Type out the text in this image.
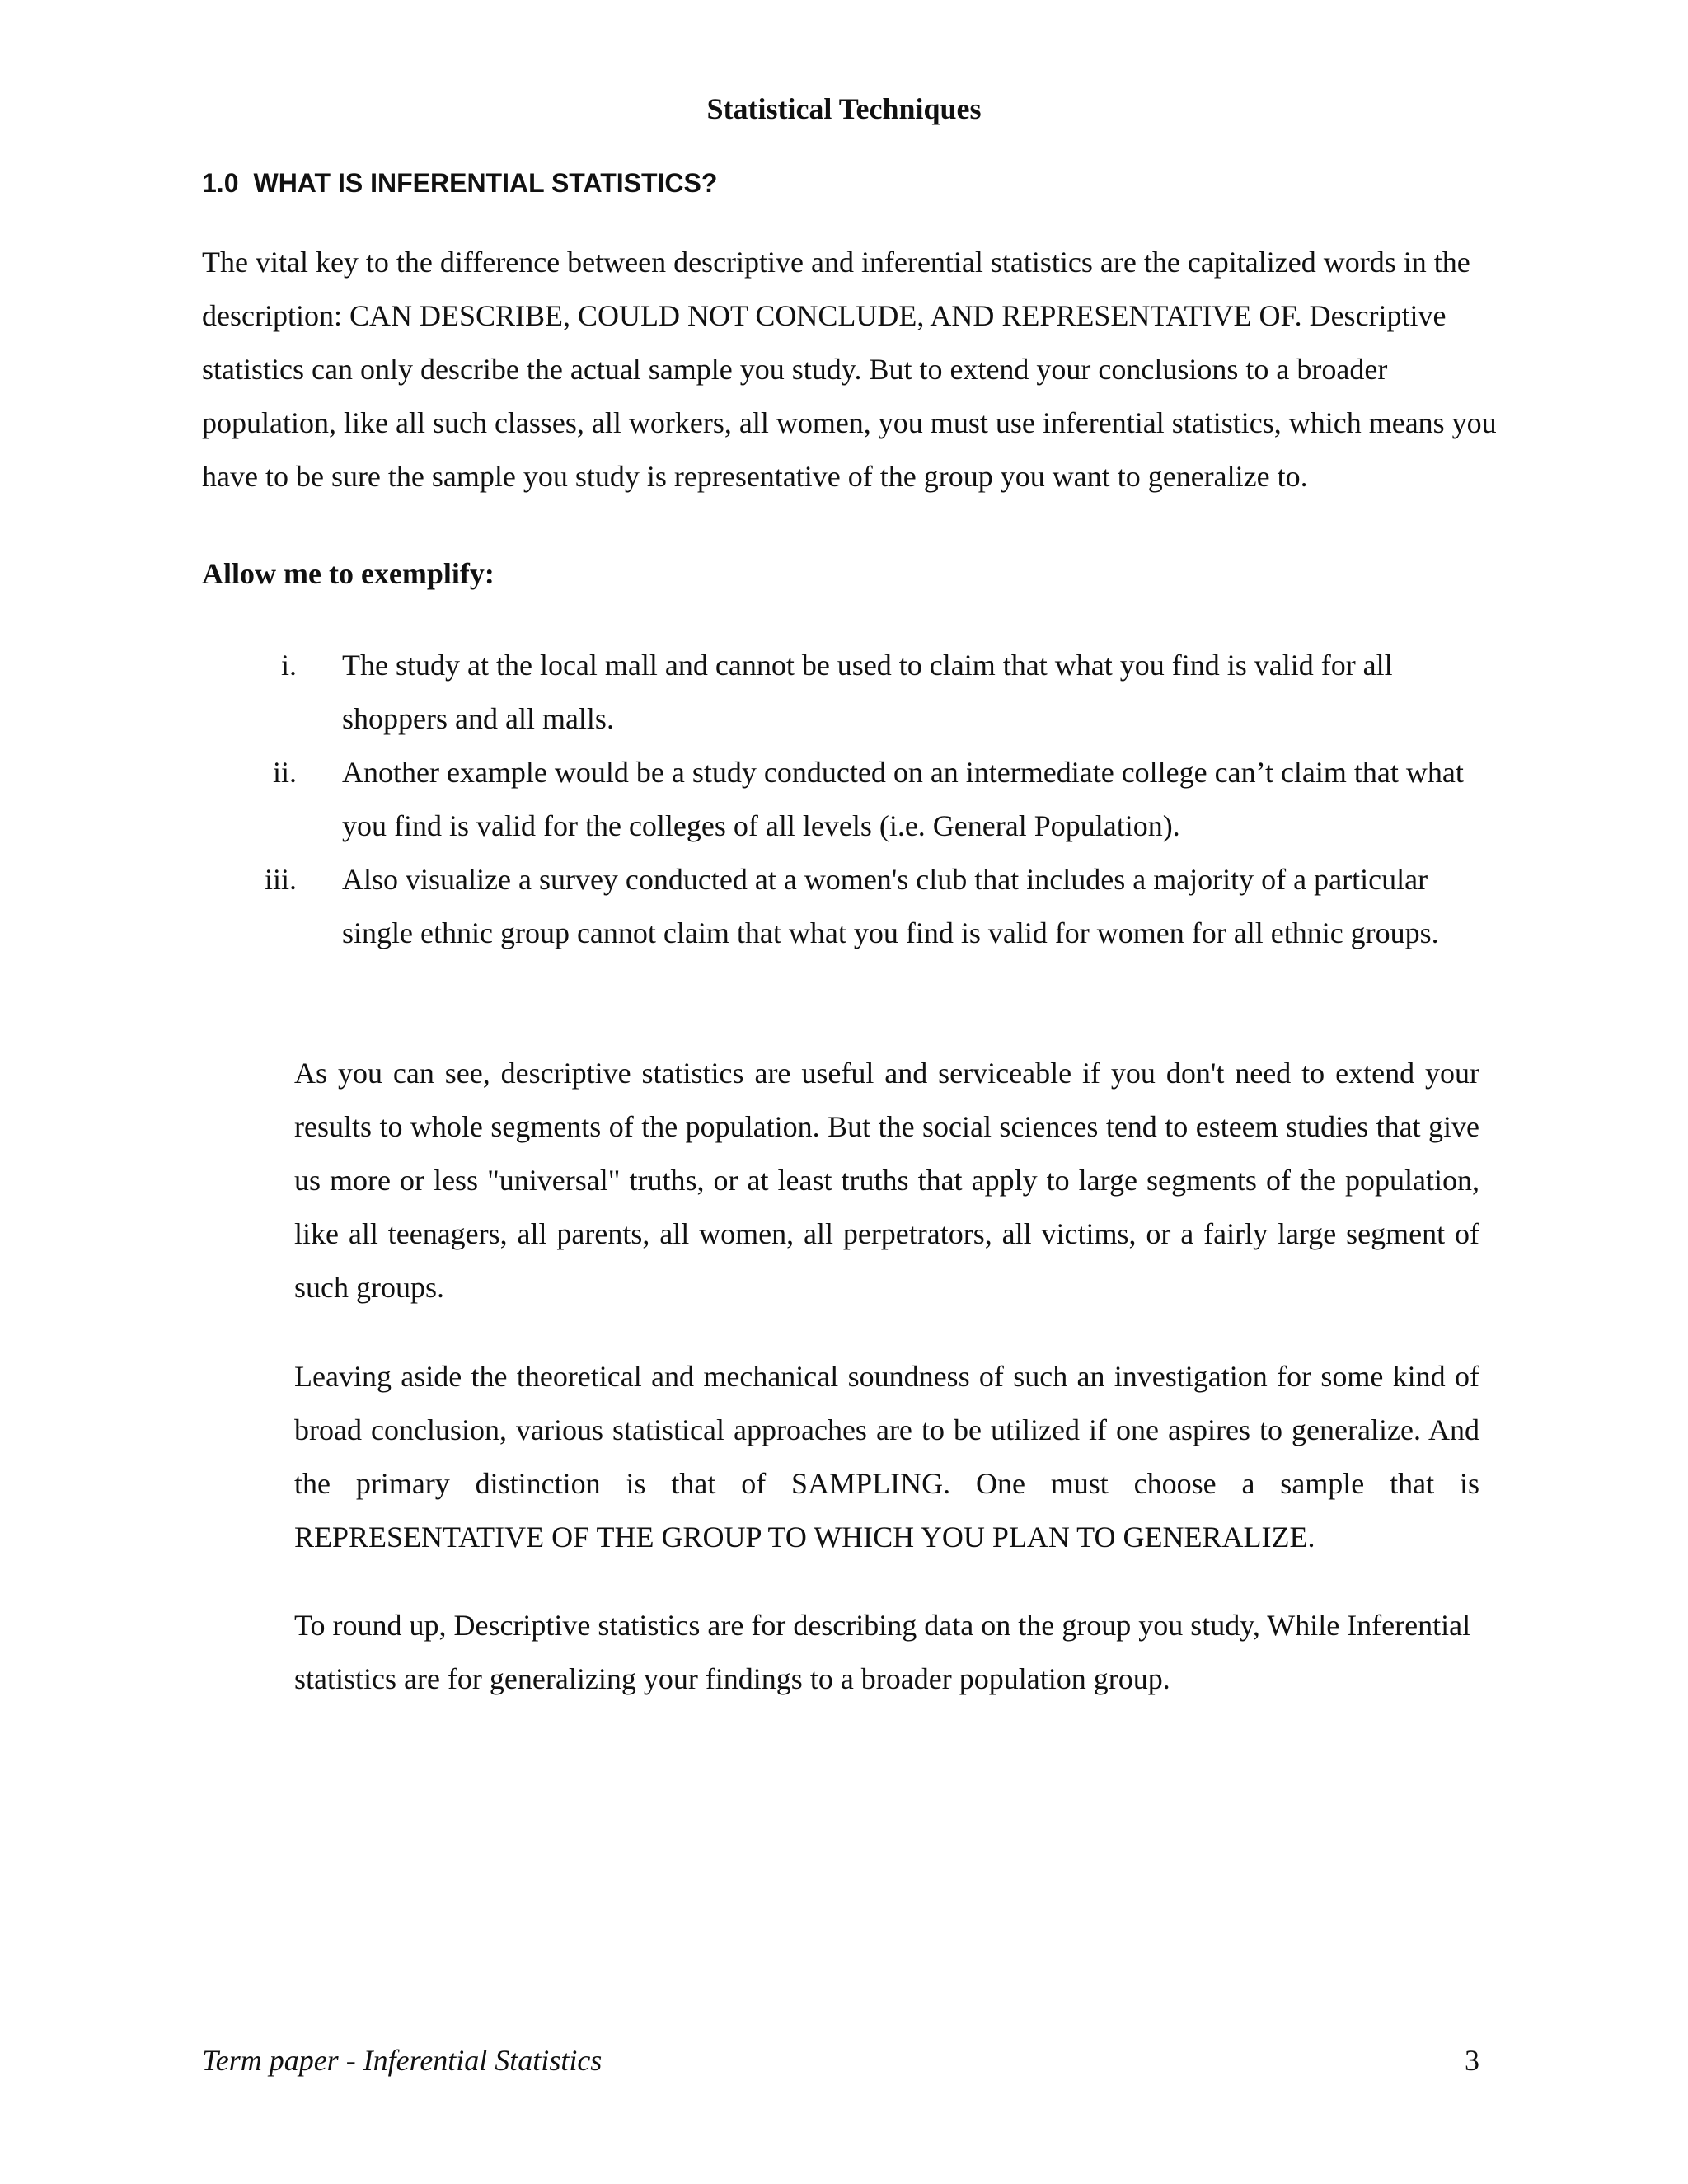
Statistical Techniques
1.0 WHAT IS INFERENTIAL STATISTICS?

The vital key to the difference between descriptive and inferential statistics are the capitalized words in the description: CAN DESCRIBE, COULD NOT CONCLUDE, AND REPRESENTATIVE OF. Descriptive statistics can only describe the actual sample you study. But to extend your conclusions to a broader population, like all such classes, all workers, all women, you must use inferential statistics, which means you have to be sure the sample you study is representative of the group you want to generalize to.

Allow me to exemplify:
i.	The study at the local mall and cannot be used to claim that what you find is valid for all shoppers and all malls.
ii.	Another example would be a study conducted on an intermediate college can’t claim that what you find is valid for the colleges of all levels (i.e. General Population).
iii.	Also visualize a survey conducted at a women's club that includes a majority of a particular single ethnic group cannot claim that what you find is valid for women for all ethnic groups.

As you can see, descriptive statistics are useful and serviceable if you don't need to extend your results to whole segments of the population. But the social sciences tend to esteem studies that give us more or less "universal" truths, or at least truths that apply to large segments of the population, like all teenagers, all parents, all women, all perpetrators, all victims, or a fairly large segment of such groups.

Leaving aside the theoretical and mechanical soundness of such an investigation for some kind of broad conclusion, various statistical approaches are to be utilized if one aspires to generalize. And the primary distinction is that of SAMPLING. One must choose a sample that is REPRESENTATIVE OF THE GROUP TO WHICH YOU PLAN TO GENERALIZE.

To round up, Descriptive statistics are for describing data on the group you study, While Inferential statistics are for generalizing your findings to a broader population group.

Term paper - Inferential Statistics	3
